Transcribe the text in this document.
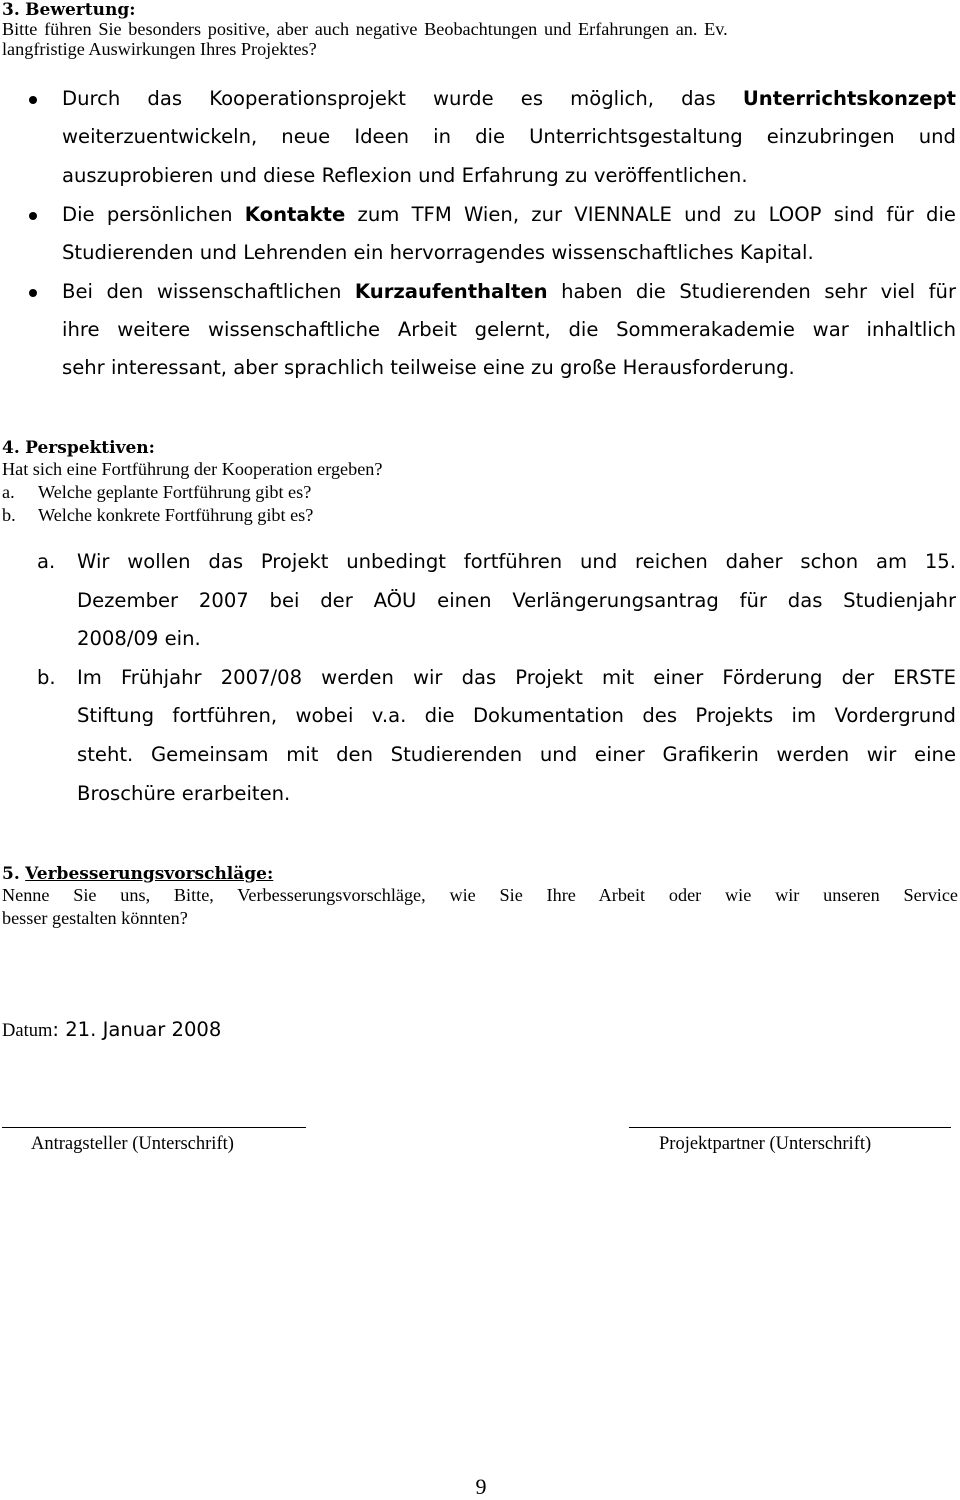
3. Bewertung:
Bitte führen Sie besonders positive, aber auch negative Beobachtungen und Erfahrungen an. Ev.
langfristige Auswirkungen Ihres Projektes?

Durch das Kooperationsprojekt wurde es möglich, das Unterrichtskonzept

weiterzuentwickeln, neue Ideen in die Unterrichtsgestaltung einzubringen und

auszuprobieren und diese Reflexion und Erfahrung zu veröffentlichen.

Die persönlichen Kontakte zum TFM Wien, zur VIENNALE und zu LOOP sind für die

Studierenden und Lehrenden ein hervorragendes wissenschaftliches Kapital.

Bei den wissenschaftlichen Kurzaufenthalten haben die Studierenden sehr viel für

ihre weitere wissenschaftliche Arbeit gelernt, die Sommerakademie war inhaltlich

sehr interessant, aber sprachlich teilweise eine zu große Herausforderung.

4. Perspektiven:
Hat sich eine Fortführung der Kooperation ergeben?
a. Welche geplante Fortführung gibt es?
b. Welche konkrete Fortführung gibt es?
a. Wir wollen das Projekt unbedingt fortführen und reichen daher schon am 15.

Dezember 2007 bei der AÖU einen Verlängerungsantrag für das Studienjahr

2008/09 ein.

b. Im Frühjahr 2007/08 werden wir das Projekt mit einer Förderung der ERSTE

Stiftung fortführen, wobei v.a. die Dokumentation des Projekts im Vordergrund

steht. Gemeinsam mit den Studierenden und einer Grafikerin werden wir eine

Broschüre erarbeiten.

5. Verbesserungsvorschläge:
Nenne Sie uns, Bitte, Verbesserungsvorschläge, wie Sie Ihre Arbeit oder wie wir unseren Service
besser gestalten könnten?
Datum: 21. Januar 2008
Antragsteller (Unterschrift)	Projektpartner (Unterschrift)
9
